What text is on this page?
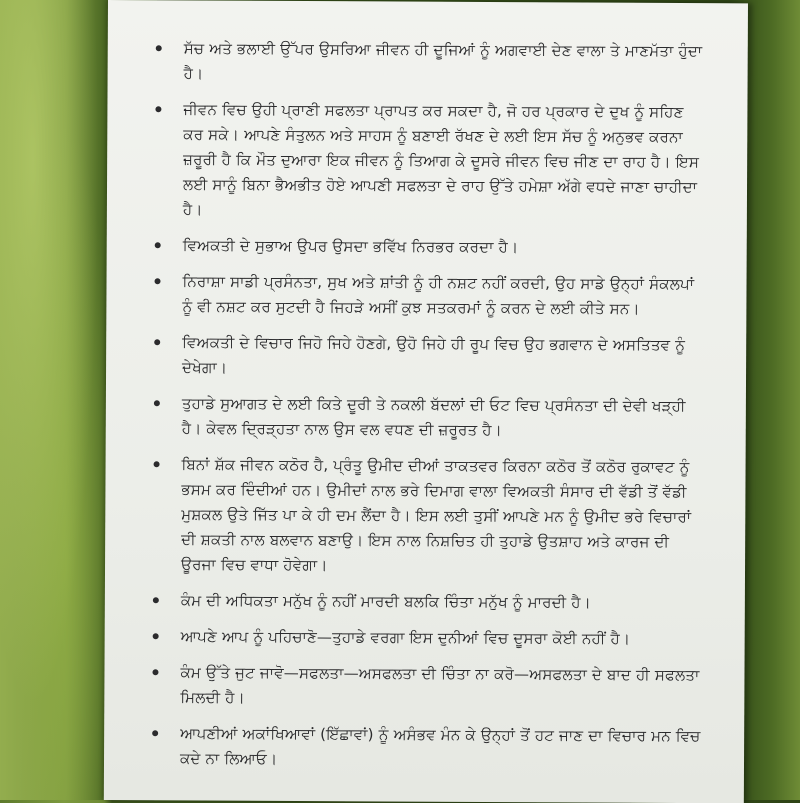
ਸੱਚ ਅਤੇ ਭਲਾਈ ਉੱਪਰ ਉਸਰਿਆ ਜੀਵਨ ਹੀ ਦੂਜਿਆਂ ਨੂੰ ਅਗਵਾਈ ਦੇਣ ਵਾਲਾ ਤੇ ਮਾਣਮੱਤਾ ਹੁੰਦਾ ਹੈ।
ਜੀਵਨ ਵਿਚ ਉਹੀ ਪ੍ਰਾਣੀ ਸਫਲਤਾ ਪ੍ਰਾਪਤ ਕਰ ਸਕਦਾ ਹੈ, ਜੋ ਹਰ ਪ੍ਰਕਾਰ ਦੇ ਦੁਖ ਨੂੰ ਸਹਿਣ ਕਰ ਸਕੇ। ਆਪਣੇ ਸੰਤੁਲਨ ਅਤੇ ਸਾਹਸ ਨੂੰ ਬਣਾਈ ਰੱਖਣ ਦੇ ਲਈ ਇਸ ਸੱਚ ਨੂੰ ਅਨੁਭਵ ਕਰਨਾ ਜ਼ਰੂਰੀ ਹੈ ਕਿ ਮੌਤ ਦੁਆਰਾ ਇਕ ਜੀਵਨ ਨੂੰ ਤਿਆਗ ਕੇ ਦੂਸਰੇ ਜੀਵਨ ਵਿਚ ਜੀਣ ਦਾ ਰਾਹ ਹੈ। ਇਸ ਲਈ ਸਾਨੂੰ ਬਿਨਾ ਭੈਅਭੀਤ ਹੋਏ ਆਪਣੀ ਸਫਲਤਾ ਦੇ ਰਾਹ ਉੱਤੇ ਹਮੇਸ਼ਾ ਅੱਗੇ ਵਧਦੇ ਜਾਣਾ ਚਾਹੀਦਾ ਹੈ।
ਵਿਅਕਤੀ ਦੇ ਸੁਭਾਅ ਉਪਰ ਉਸਦਾ ਭਵਿੱਖ ਨਿਰਭਰ ਕਰਦਾ ਹੈ।
ਨਿਰਾਸ਼ਾ ਸਾਡੀ ਪ੍ਰਸੰਨਤਾ, ਸੁਖ ਅਤੇ ਸ਼ਾਂਤੀ ਨੂੰ ਹੀ ਨਸ਼ਟ ਨਹੀਂ ਕਰਦੀ, ਉਹ ਸਾਡੇ ਉਨ੍ਹਾਂ ਸੰਕਲਪਾਂ ਨੂੰ ਵੀ ਨਸ਼ਟ ਕਰ ਸੁਟਦੀ ਹੈ ਜਿਹੜੇ ਅਸੀਂ ਕੁਝ ਸਤਕਰਮਾਂ ਨੂੰ ਕਰਨ ਦੇ ਲਈ ਕੀਤੇ ਸਨ।
ਵਿਅਕਤੀ ਦੇ ਵਿਚਾਰ ਜਿਹੋ ਜਿਹੇ ਹੋਣਗੇ, ਉਹੋ ਜਿਹੇ ਹੀ ਰੂਪ ਵਿਚ ਉਹ ਭਗਵਾਨ ਦੇ ਅਸਤਿਤਵ ਨੂੰ ਦੇਖੇਗਾ।
ਤੁਹਾਡੇ ਸੁਆਗਤ ਦੇ ਲਈ ਕਿਤੇ ਦੂਰੀ ਤੇ ਨਕਲੀ ਬੱਦਲਾਂ ਦੀ ਓਟ ਵਿਚ ਪ੍ਰਸੰਨਤਾ ਦੀ ਦੇਵੀ ਖੜ੍ਹੀ ਹੈ। ਕੇਵਲ ਦ੍ਰਿੜ੍ਹਤਾ ਨਾਲ ਉਸ ਵਲ ਵਧਣ ਦੀ ਜ਼ਰੂਰਤ ਹੈ।
ਬਿਨਾਂ ਸ਼ੱਕ ਜੀਵਨ ਕਠੋਰ ਹੈ, ਪ੍ਰੰਤੂ ਉਮੀਦ ਦੀਆਂ ਤਾਕਤਵਰ ਕਿਰਨਾ ਕਠੋਰ ਤੋਂ ਕਠੋਰ ਰੁਕਾਵਟ ਨੂੰ ਭਸਮ ਕਰ ਦਿੰਦੀਆਂ ਹਨ। ਉਮੀਦਾਂ ਨਾਲ ਭਰੇ ਦਿਮਾਗ ਵਾਲਾ ਵਿਅਕਤੀ ਸੰਸਾਰ ਦੀ ਵੱਡੀ ਤੋਂ ਵੱਡੀ ਮੁਸ਼ਕਲ ਉਤੇ ਜਿੱਤ ਪਾ ਕੇ ਹੀ ਦਮ ਲੈਂਦਾ ਹੈ। ਇਸ ਲਈ ਤੁਸੀਂ ਆਪਣੇ ਮਨ ਨੂੰ ਉਮੀਦ ਭਰੇ ਵਿਚਾਰਾਂ ਦੀ ਸ਼ਕਤੀ ਨਾਲ ਬਲਵਾਨ ਬਣਾਉ। ਇਸ ਨਾਲ ਨਿਸ਼ਚਿਤ ਹੀ ਤੁਹਾਡੇ ਉਤਸ਼ਾਹ ਅਤੇ ਕਾਰਜ ਦੀ ਊਰਜਾ ਵਿਚ ਵਾਧਾ ਹੋਵੇਗਾ।
ਕੰਮ ਦੀ ਅਧਿਕਤਾ ਮਨੁੱਖ ਨੂੰ ਨਹੀਂ ਮਾਰਦੀ ਬਲਕਿ ਚਿੰਤਾ ਮਨੁੱਖ ਨੂੰ ਮਾਰਦੀ ਹੈ।
ਆਪਣੇ ਆਪ ਨੂੰ ਪਹਿਚਾਣੋ—ਤੁਹਾਡੇ ਵਰਗਾ ਇਸ ਦੁਨੀਆਂ ਵਿਚ ਦੂਸਰਾ ਕੋਈ ਨਹੀਂ ਹੈ।
ਕੰਮ ਉੱਤੇ ਜੁਟ ਜਾਵੋ—ਸਫਲਤਾ—ਅਸਫਲਤਾ ਦੀ ਚਿੰਤਾ ਨਾ ਕਰੋ—ਅਸਫਲਤਾ ਦੇ ਬਾਦ ਹੀ ਸਫਲਤਾ ਮਿਲਦੀ ਹੈ।
ਆਪਣੀਆਂ ਅਕਾਂਖਿਆਵਾਂ (ਇੱਛਾਵਾਂ) ਨੂੰ ਅਸੰਭਵ ਮੰਨ ਕੇ ਉਨ੍ਹਾਂ ਤੋਂ ਹਟ ਜਾਣ ਦਾ ਵਿਚਾਰ ਮਨ ਵਿਚ ਕਦੇ ਨਾ ਲਿਆਓ।
